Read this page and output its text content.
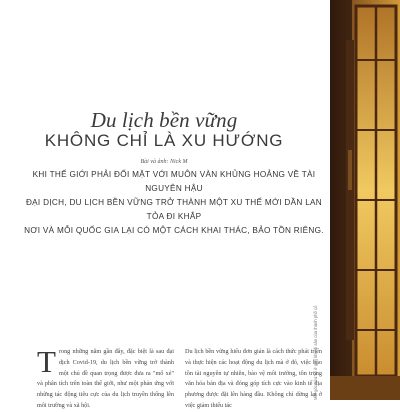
Du lịch bền vững
KHÔNG CHỈ LÀ XU HƯỚNG
Bài và ảnh: Nick M
KHI THẾ GIỚI PHẢI ĐỐI MẶT VỚI MUÔN VÀN KHỦNG HOẢNG VỀ TÀI NGUYÊN HẬU
ĐẠI DỊCH, DU LỊCH BỀN VỮNG TRỞ THÀNH MỘT XU THẾ MỚI DẦN LAN TỎA ĐI KHẮP
NƠI VÀ MỖI QUỐC GIA LẠI CÓ MỘT CÁCH KHAI THÁC, BẢO TỒN RIÊNG.
T rong những năm gần đây, đặc biệt là sau đại dịch Covid-19, du lịch bền vững trở thành một chủ đề quan trọng được đưa ra "mổ xẻ" và phân tích trên toàn thế giới, như một phản ứng với những tác động tiêu cực của du lịch truyền thống lên môi trường và xã hội.
Du lịch bền vững hiểu đơn giản là cách thức phát triển và thực hiện các hoạt động du lịch mà ở đó, việc bảo tồn tài nguyên tự nhiên, bảo vệ môi trường, tôn trọng văn hóa bản địa và đóng góp tích cực vào kinh tế địa phương được đặt lên hàng đầu. Không chỉ dừng lại ở việc giảm thiểu tác
Một góc cửa sổ ở gần khu di sản của thành phố cổ
